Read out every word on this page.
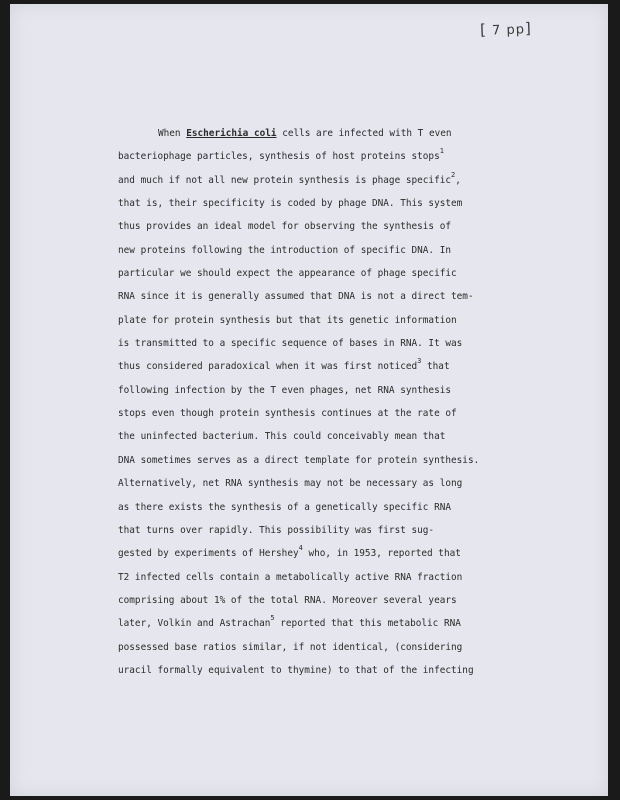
[ 7 pp]
When Escherichia coli cells are infected with T even
bacteriophage particles, synthesis of host proteins stops$^1$
and much if not all new protein synthesis is phage specific$^2$,
that is, their specificity is coded by phage DNA. This system
thus provides an ideal model for observing the synthesis of
new proteins following the introduction of specific DNA. In
particular we should expect the appearance of phage specific
RNA since it is generally assumed that DNA is not a direct tem-
plate for protein synthesis but that its genetic information
is transmitted to a specific sequence of bases in RNA. It was
thus considered paradoxical when it was first noticed$^3$ that
following infection by the T even phages, net RNA synthesis
stops even though protein synthesis continues at the rate of
the uninfected bacterium. This could conceivably mean that
DNA sometimes serves as a direct template for protein synthesis.
Alternatively, net RNA synthesis may not be necessary as long
as there exists the synthesis of a genetically specific RNA
that turns over rapidly. This possibility was first sug-
gested by experiments of Hershey$^4$ who, in 1953, reported that
T2 infected cells contain a metabolically active RNA fraction
comprising about 1% of the total RNA. Moreover several years
later, Volkin and Astrachan$^5$ reported that this metabolic RNA
possessed base ratios similar, if not identical, (considering
uracil formally equivalent to thymine) to that of the infecting
